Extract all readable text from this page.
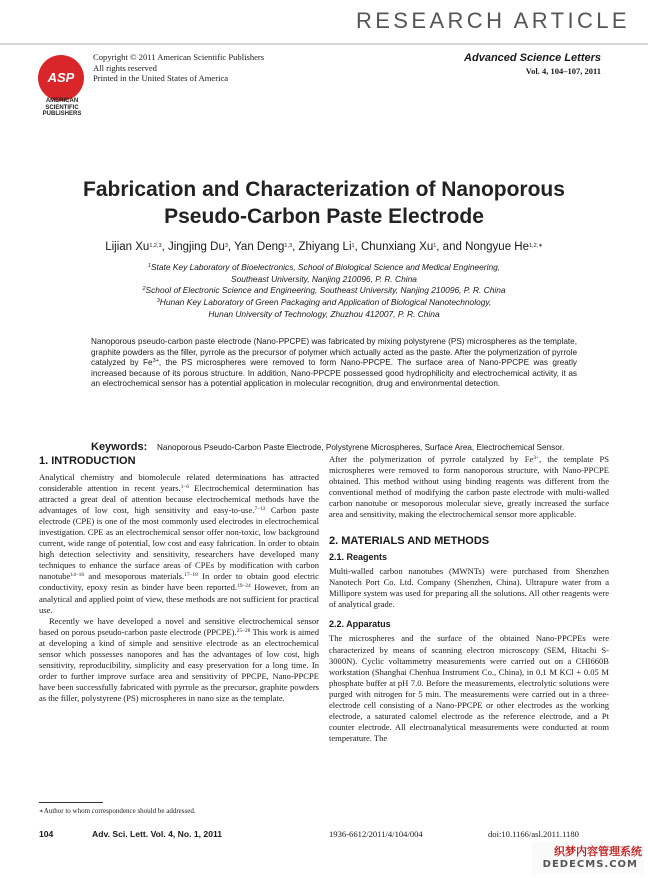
RESEARCH ARTICLE
ASP
AMERICAN
SCIENTIFIC
PUBLISHERS
Copyright © 2011 American Scientific Publishers
All rights reserved
Printed in the United States of America
Advanced Science Letters
Vol. 4, 104–107, 2011
Fabrication and Characterization of Nanoporous
Pseudo-Carbon Paste Electrode
Lijian Xu$^{1,2,3}$, Jingjing Du$^3$, Yan Deng$^{1,3}$, Zhiyang Li$^1$, Chunxiang Xu$^1$, and Nongyue $He^{1,2,∗}$
$^1$State Key Laboratory of Bioelectronics, School of Biological Science and Medical Engineering,
Southeast University, Nanjing 210096, P. R. China
$^2$School of Electronic Science and Engineering, Southeast University, Nanjing 210096, P. R. China
$^3$Hunan Key Laboratory of Green Packaging and Application of Biological Nanotechnology,
Hunan University of Technology, Zhuzhou 412007, P. R. China
Nanoporous pseudo-carbon paste electrode (Nano-PPCPE) was fabricated by mixing polystyrene (PS) microspheres as the template, graphite powders as the filler, pyrrole as the precursor of polymer which actually acted as the paste. After the polymerization of pyrrole catalyzed by $Fe^{3+}$, the PS microspheres were removed to form Nano-PPCPE. The surface area of Nano-PPCPE was greatly increased because of its porous structure. In addition, Nano-PPCPE possessed good hydrophilicity and electrochemical activity, it as an electrochemical sensor has a potential application in molecular recognition, drug and environmental detection.
Keywords: Nanoporous Pseudo-Carbon Paste Electrode, Polystyrene Microspheres, Surface Area, Electrochemical Sensor.
1. INTRODUCTION

Analytical chemistry and biomolecule related determinations has attracted considerable attention in recent years.$^{1-6}$ Electrochemical determination has attracted a great deal of attention because electrochemical methods have the advantages of low cost, high sensitivity and easy-to-use.$^{7-13}$ Carbon paste electrode (CPE) is one of the most commonly used electrodes in electrochemical investigation. CPE as an electrochemical sensor offer non-toxic, low background current, wide range of potential, low cost and easy fabrication. In order to obtain high detection selectivity and sensitivity, researchers have developed many techniques to enhance the surface areas of CPEs by modification with carbon nanotube$^{14-16}$ and mesoporous materials.$^{17-18}$ In order to obtain good electric conductivity, epoxy resin as binder have been reported.$^{19-24}$ However, from an analytical and applied point of view, these methods are not sufficient for practical use.

Recently we have developed a novel and sensitive electrochemical sensor based on porous pseudo-carbon paste electrode (PPCPE).$^{25-28}$ This work is aimed at developing a kind of simple and sensitive electrode as an electrochemical sensor which possesses nanopores and has the advantages of low cost, high sensitivity, reproducibility, simplicity and easy preservation for a long time. In order to further improve surface area and sensitivity of PPCPE, Nano-PPCPE have been successfully fabricated with pyrrole as the precursor, graphite powders as the filler, polystyrene (PS) microspheres in nano size as the template.

After the polymerization of pyrrole catalyzed by $Fe^{3+}$, the template PS microspheres were removed to form nanoporous structure, with Nano-PPCPE obtained. This method without using binding reagents was different from the conventional method of modifying the carbon paste electrode with multi-walled carbon nanotube or mesoporous molecular sieve, greatly increased the surface area and sensitivity, making the electrochemical sensor more applicable.

2. MATERIALS AND METHODS
2.1. Reagents

Multi-walled carbon nanotubes (MWNTs) were purchased from Shenzhen Nanotech Port Co. Ltd. Company (Shenzhen, China). Ultrapure water from a Millipore system was used for preparing all the solutions. All other reagents were of analytical grade.

2.2. Apparatus

The microspheres and the surface of the obtained Nano-PPCPEs were characterized by means of scanning electron microscopy (SEM, Hitachi S-3000N). Cyclic voltammetry measurements were carried out on a CHI660B workstation (Shanghai Chenhua Instrument Co., China), in 0.1 M KCl + 0.05 M phosphate buffer at pH 7.0. Before the measurements, electrolytic solutions were purged with nitrogen for 5 min. The measurements were carried out in a three-electrode cell consisting of a Nano-PPCPE or other electrodes as the working electrode, a saturated calomel electrode as the reference electrode, and a Pt counter electrode. All electroanalytical measurements were conducted at room temperature. The

∗Author to whom correspondence should be addressed.
104	Adv. Sci. Lett. Vol. 4, No. 1, 2011	1936-6612/2011/4/104/004	doi:10.1166/asl.2011.1180
织梦内容管理系统
DEDECMS.COM
